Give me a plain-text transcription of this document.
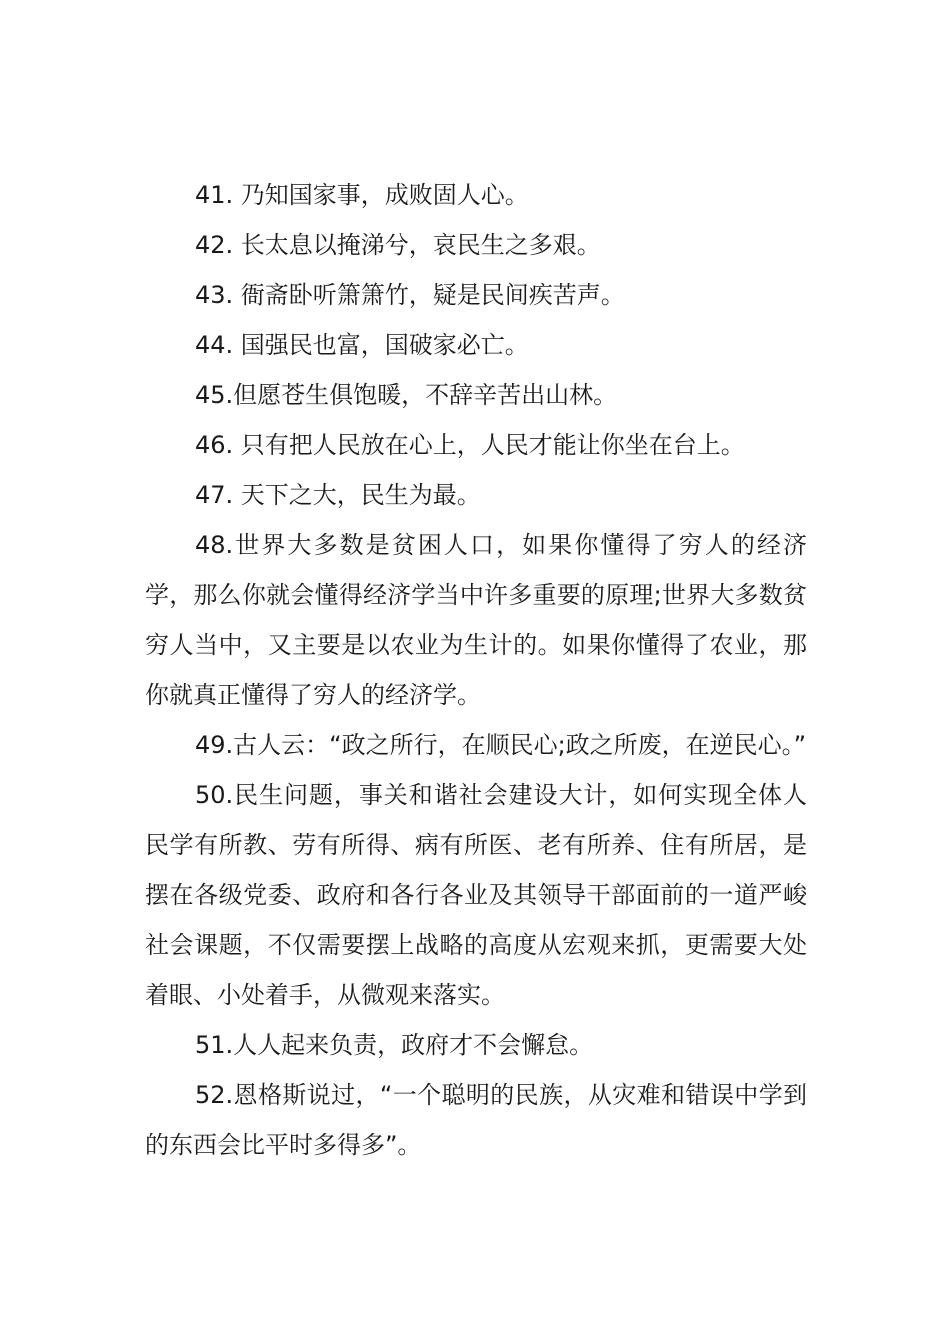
41. 乃知国家事，成败固人心。

42. 长太息以掩涕兮，哀民生之多艰。

43. 衙斋卧听箫箫竹，疑是民间疾苦声。

44. 国强民也富，国破家必亡。

45.但愿苍生俱饱暖，不辞辛苦出山林。

46. 只有把人民放在心上，人民才能让你坐在台上。

47. 天下之大，民生为最。

48.世界大多数是贫困人口，如果你懂得了穷人的经济学，那么你就会懂得经济学当中许多重要的原理;世界大多数贫穷人当中，又主要是以农业为生计的。如果你懂得了农业，那你就真正懂得了穷人的经济学。

49.古人云：“政之所行，在顺民心;政之所废，在逆民心。”

50.民生问题，事关和谐社会建设大计，如何实现全体人民学有所教、劳有所得、病有所医、老有所养、住有所居，是摆在各级党委、政府和各行各业及其领导干部面前的一道严峻社会课题，不仅需要摆上战略的高度从宏观来抓，更需要大处着眼、小处着手，从微观来落实。

51.人人起来负责，政府才不会懈怠。

52.恩格斯说过，“一个聪明的民族，从灾难和错误中学到的东西会比平时多得多”。
